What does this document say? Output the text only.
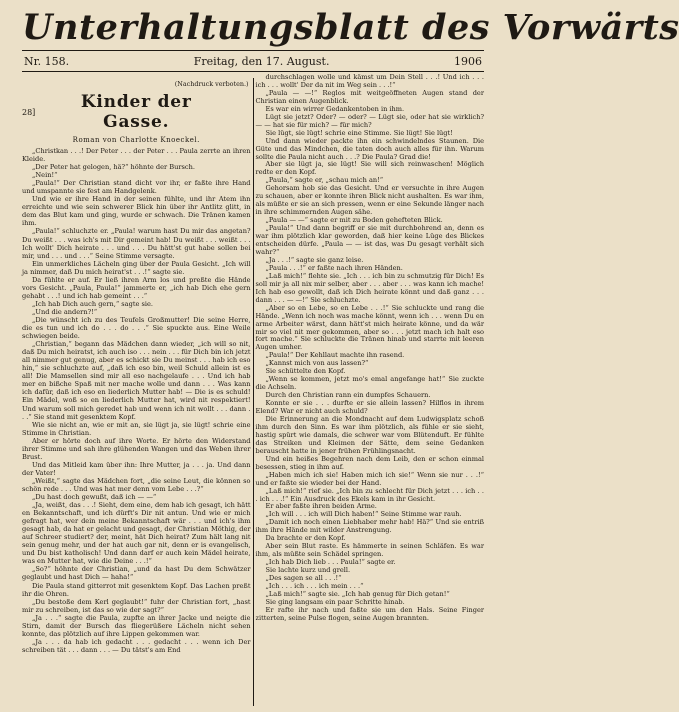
Unterhaltungsblatt des Vorwärts
Nr. 158.	Freitag, den 17. August.	1906
(Nachdruck verboten.)
28]	Kinder der Gasse.
Roman von Charlotte Knoeckel.

„Christkan . . .! Der Peter . . . der Peter . . . Paula zerrte an ihren Kleide.

„Der Peter hat gelogen, hä?“ höhnte der Bursch.

„Nein!“

„Paula!“ Der Christian stand dicht vor ihr, er faßte ihre Hand und umspannte sie fest am Handgelenk.

Und wie er ihre Hand in der seinen fühlte, und ihr Atem ihn erreichte und wie sein schwerer Blick hin über ihr Antlitz glitt, in dem das Blut kam und ging, wurde er schwach. Die Tränen kamen ihm.

„Paula!“ schluchzte er. „Paula! warum hast Du mir das angetan? Du weißt . . . was ich's mit Dir gemeint hab! Du weißt . . . weißt . . . Ich wollt' Dich heirate . . . und . . . Du hätt'st gut habe sollen bei mir, und . . . und . . .“ Seine Stimme versagte.

Ein unmerkliches Lächeln ging über der Paula Gesicht. „Ich will ja nimmer, daß Du mich heirat'st . . .!“ sagte sie.

Da fühlte er auf. Er ließ ihren Arm los und preßte die Hände vors Gesicht. „Paula, Paula!“ jammerte er, „ich hab Dich ehe gern gehabt . . .! und ich hab gemeint . . .“

„Ich hab Dich auch gern,“ sagte sie.

„Und die andern?!“

„Die wünscht ich zu des Teufels Großmutter! Die seine Herre, die es tun und ich do . . . do . . .“ Sie spuckte aus. Eine Weile schwiegen beide.

„Christian,“ begann das Mädchen dann wieder, „ich will so nit, daß Du mich heiratst, ich auch iso . . . nein . . . für Dich bin ich jetzt all nimmer gut genug, aber es schickt sie Du meinst . . . hab ich eso hin,“ sie schluchzte auf, „daß ich eso bin, weil Schuld allein ist es all! Die Mamsellen sind mir all eso nachgelaufe . . . Und ich hab mer en bißche Spaß mit ner mache wolle und dann . . . Was kann ich dafür, daß ich eso en liederlich Mutter hab! — Die is es schuld! Ein Mädel, woß so en liederlich Mutter hat, wird nit respektiert! Und warum soll mich geredet hab und wenn ich nit wollt . . . dann . . .“ Sie stand mit gesenktem Kopf.

Wie sie nicht an, wie er mit an, sie lügt ja, sie lügt! schrie eine Stimme in Christian.

Aber er hörte doch auf ihre Worte. Er hörte den Widerstand ihrer Stimme und sah ihre glühenden Wangen und das Weben ihrer Brust.

Und das Mitleid kam über ihn: Ihre Mutter, ja . . . ja. Und dann der Vater!

„Weißt,“ sagte das Mädchen fort, „die seine Leut, die können so schön rede . . . Und was hat mer denn vom Lebe . . .?“

„Du hast doch gewußt, daß ich — —“

„Ja, weißt, das . . .! Sieht, dem eine, dem hab ich gesagt, ich hätt en Bekanntschaft, und ich dürft's Dir nit antun. Und wie er mich gefragt hat, wer dein meine Bekanntschaft wär . . . und ich's ihm gesagt hab, da hat er gelacht und gesagt, der Christian Möthig, der auf Schreer studiert? der, meint, hät Dich heirat? Zum hält lang nit sein genug mehr, und der hat auch gar nit, denn er is evangelisch, und Du bist katholisch! Und dann darf er auch kein Mädel heirate, was en Mutter hat, wie die Deine . . .!“

„So?“ höhnte der Christian, „und da hast Du dem Schwätzer geglaubt und hast Dich — haha!“

Die Paula stand gitterrot mit gesenktem Kopf. Das Lachen preßt ihr die Ohren.

„Du bestoße dem Kerl geglaubt!“ fuhr der Christian fort, „hast mir zu schreiben, ist das so wie der sagt?“

„Ja . . .“ sagte die Paula, zupfte an ihrer Jacke und neigte die Stirn, damit der Bursch das fliegerüßere Lächeln nicht sehen konnte, das plötzlich auf ihre Lippen gekommen war.

„Ja . . . da hab ich gedacht . . . gedacht . . . wenn ich Der schreiben tät . . . dann . . . — Du tätst's am End

durchschlagen wolle und kämst um Dein Stell . . .! Und ich . . . ich . . . wollt' Der da nit im Weg sein . . .!“

„Paula — —!“ Reglos mit weitgeöffneten Augen stand der Christian einen Augenblick.

Es war ein wirrer Gedankentoben in ihm.

Lügt sie jetzt? Oder? — oder? — Lügt sie, oder hat sie wirklich? — — hat sie für mich? — für mich?

Sie lügt, sie lügt! schrie eine Stimme. Sie lügt! Sie lügt!

Und dann wieder packte ihn ein schwindelndes Staunen. Die Güte und das Mindchen, die taten doch auch alles für ihn. Warum sollte die Paula nicht auch . . .? Die Paula? Grad die!

Aber sie lügt ja, sie lügt! Sie will sich reinwaschen! Möglich redte er den Kopf.

„Paula,“ sagte er, „schau mich an!“

Gehorsam hob sie das Gesicht. Und er versuchte in ihre Augen zu schauen, aber er konnte ihren Blick nicht aushalten. Es war ihm, als müßte er sie an sich pressen, wenn er eine Sekunde länger nach in ihre schimmernden Augen sähe.

„Paula — —“ sagte er mit zu Boden gehefteten Blick.

„Paula!“ Und dann begriff er sie mit durchbohrend an, denn es war ihm plötzlich klar geworden, daß hier keine Lüge des Blickes entscheiden dürfe. „Paula — — ist das, was Du gesagt verhält sich wahr?“

„Ja . . .!“ sagte sie ganz leise.

„Paula . . .!“ er faßte nach ihren Händen.

„Laß mich!“ flehte sie. „Ich . . . ich bin zu schmutzig für Dich! Es soll mir ja all nix mir selber, aber . . . aber . . . was kann ich mache! Ich hab eso gewollt, daß ich Dich heirate könnt und daß ganz . . . dann . . . — —!“ Sie schluchzte.

„Aber so en Lebe, so en Lebe . . .!“ Sie schluckte und rang die Hände. „Wenn ich noch was mache könnt, wenn ich . . . wenn Du en arme Arbeiter wärst, dann hätt'st mich heirate könne, und da wär mir so viel nit mer gekommen, aber so . . . jetzt mach ich halt eso fort mache.“ Sie schluckte die Tränen hinab und starrte mit leeren Augen umher.

„Paula!“ Der Kehllaut machte ihn rasend.

„Kannst mich von aus lassen?“

Sie schüttelte den Kopf.

„Wenn se kommen, jetzt mo's emal angefange hat!“ Sie zuckte die Achseln.

Durch den Christian rann ein dumpfes Schauern.

Konnte er sie . . . durfte er sie allein lassen? Hilflos in ihrem Elend? War er nicht auch schuld?

Die Erinnerung an die Mondnacht auf dem Ludwigsplatz schoß ihm durch den Sinn. Es war ihm plötzlich, als fühle er sie sieht, hastig spürt wie damals, die schwer war vom Blütenduft. Er fühlte das Streiken und Kleimen der Sätte, dem seine Gedanken berauscht hatte in jener frühen Frühlingsnacht.

Und ein heißes Begehren nach dem Leib, den er schon einmal besessen, stieg in ihm auf.

„Haben mich ich sie! Haben mich ich sie!“ Wenn sie nur . . .!“ und er faßte sie wieder bei der Hand.

„Laß mich!“ rief sie. „Ich bin zu schlecht für Dich jetzt . . . ich . . . ich . . .!“ Ein Ausdruck des Ekels kam in ihr Gesicht.

Er aber faßte ihren beiden Arme.

„Ich will . . . ich will Dich haben!“ Seine Stimme war rauh.

„Damit ich noch einen Liebhaber mehr hab! Hä?“ Und sie entriß ihm ihre Hände mit wilder Anstrengung.

Da brachte er den Kopf.

Aber sein Blut raste. Es hämmerte in seinen Schläfen. Es war ihm, als müßte sein Schädel springen.

„Ich hab Dich lieb . . . Paula!“ sagte er.

Sie lachte kurz und grell.

„Des sagen se all . . .!“

„Ich . . . ich . . . ich mein . . .“

„Laß mich!“ sagte sie. „Ich hab genug für Dich getan!“

Sie ging langsam ein paar Schritte hinab.

Er rafte ihr nach und faßte sie um den Hals. Seine Finger zitterten, seine Pulse flogen, seine Augen brannten.
